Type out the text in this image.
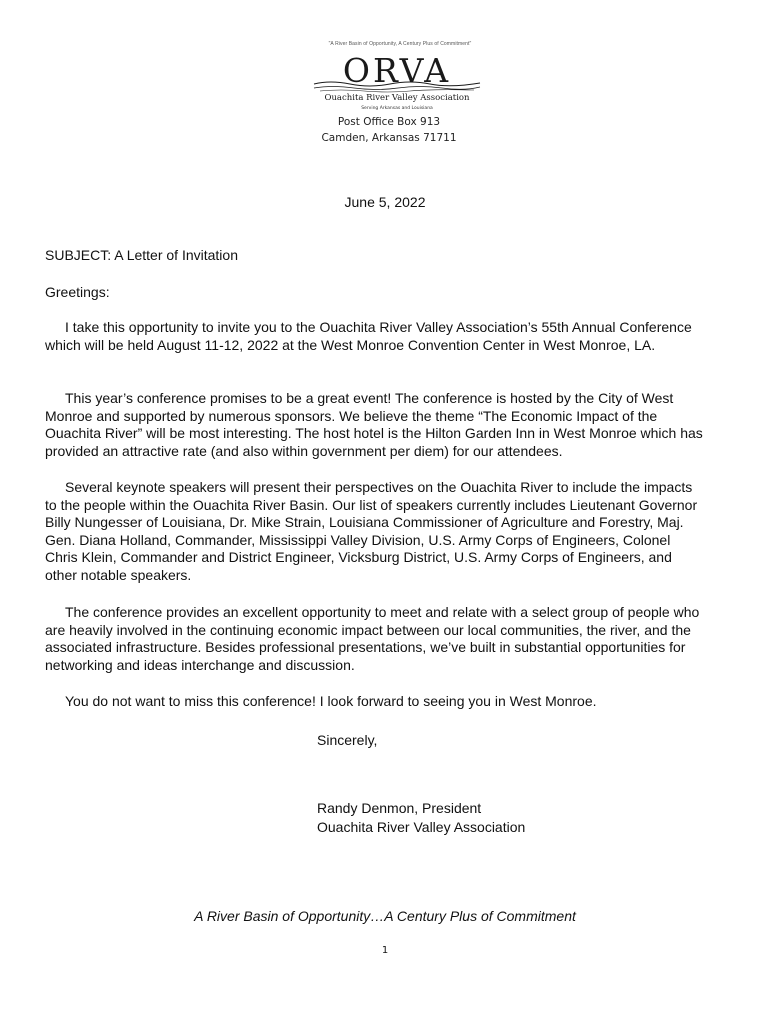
"A River Basin of Opportunity, A Century Plus of Commitment"
ORVA
Ouachita River Valley Association
Serving Arkansas and Louisiana
Post Office Box 913
Camden, Arkansas 71711
June 5, 2022
SUBJECT: A Letter of Invitation
Greetings:
I take this opportunity to invite you to the Ouachita River Valley Association’s 55th Annual Conference which will be held August 11-12, 2022 at the West Monroe Convention Center in West Monroe, LA.
This year’s conference promises to be a great event! The conference is hosted by the City of West Monroe and supported by numerous sponsors. We believe the theme “The Economic Impact of the Ouachita River” will be most interesting. The host hotel is the Hilton Garden Inn in West Monroe which has provided an attractive rate (and also within government per diem) for our attendees.
Several keynote speakers will present their perspectives on the Ouachita River to include the impacts to the people within the Ouachita River Basin. Our list of speakers currently includes Lieutenant Governor Billy Nungesser of Louisiana, Dr. Mike Strain, Louisiana Commissioner of Agriculture and Forestry, Maj. Gen. Diana Holland, Commander, Mississippi Valley Division, U.S. Army Corps of Engineers, Colonel Chris Klein, Commander and District Engineer, Vicksburg District, U.S. Army Corps of Engineers, and other notable speakers.
The conference provides an excellent opportunity to meet and relate with a select group of people who are heavily involved in the continuing economic impact between our local communities, the river, and the associated infrastructure. Besides professional presentations, we’ve built in substantial opportunities for networking and ideas interchange and discussion.
You do not want to miss this conference! I look forward to seeing you in West Monroe.
Sincerely,
Randy Denmon, President
Ouachita River Valley Association
A River Basin of Opportunity…A Century Plus of Commitment
1
